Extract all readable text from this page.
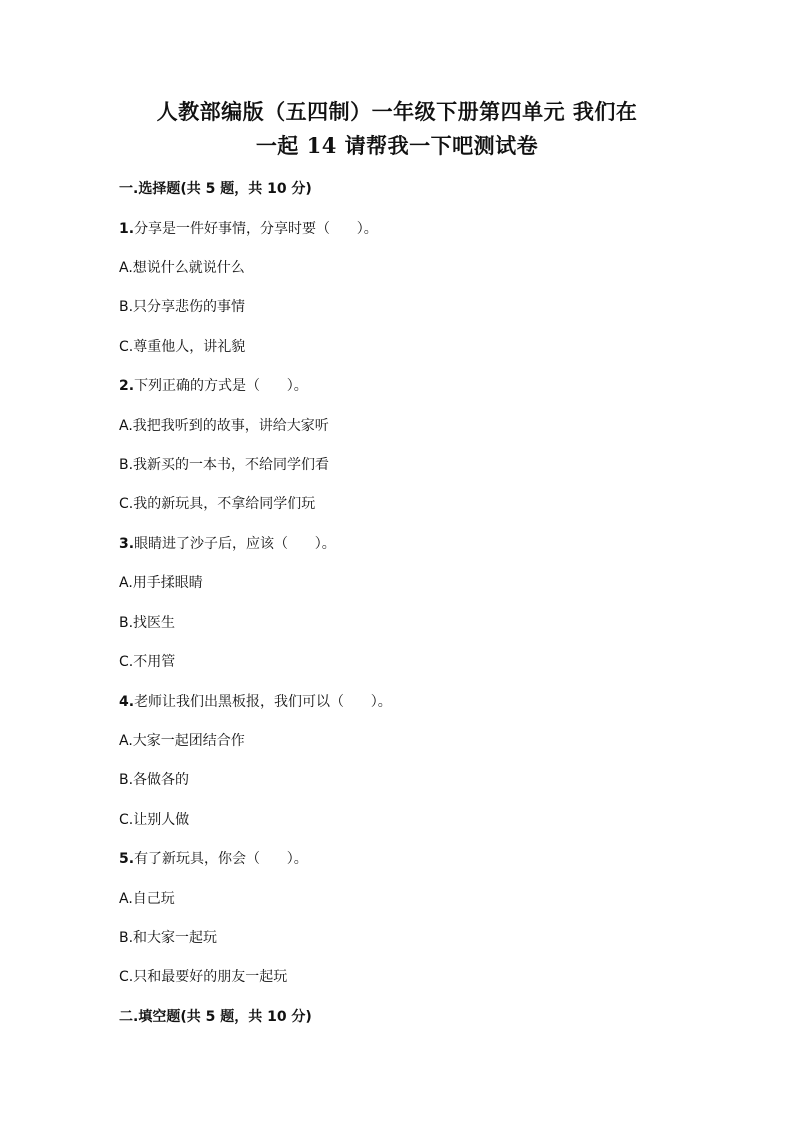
人教部编版（五四制）一年级下册第四单元 我们在
一起 14 请帮我一下吧测试卷
一.选择题(共 5 题，共 10 分)
1.分享是一件好事情，分享时要（      ）。
A.想说什么就说什么
B.只分享悲伤的事情
C.尊重他人，讲礼貌
2.下列正确的方式是（      ）。
A.我把我听到的故事，讲给大家听
B.我新买的一本书，不给同学们看
C.我的新玩具，不拿给同学们玩
3.眼睛进了沙子后，应该（      ）。
A.用手揉眼睛
B.找医生
C.不用管
4.老师让我们出黑板报，我们可以（      ）。
A.大家一起团结合作
B.各做各的
C.让别人做
5.有了新玩具，你会（      ）。
A.自己玩
B.和大家一起玩
C.只和最要好的朋友一起玩
二.填空题(共 5 题，共 10 分)
